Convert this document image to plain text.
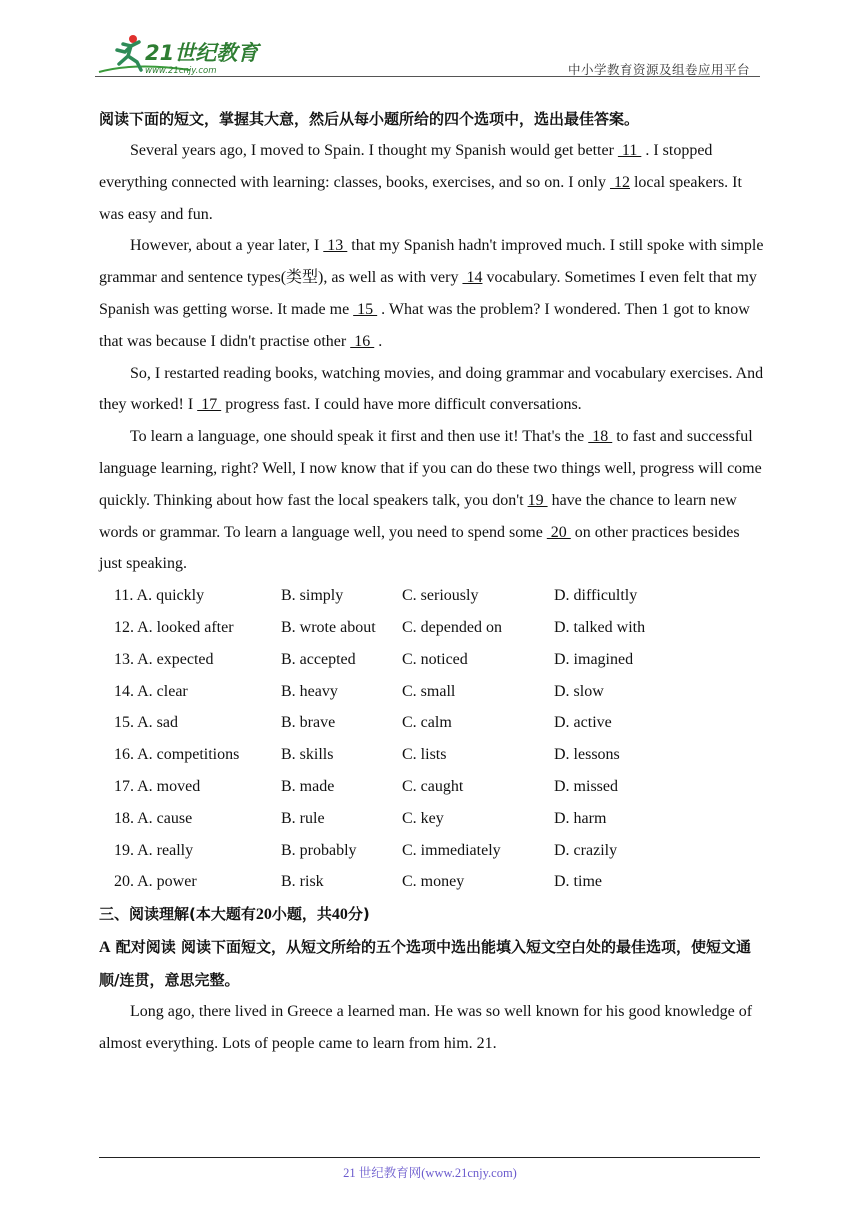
21世纪教育
www.21cnjy.com	中小学教育资源及组卷应用平台

阅读下面的短文，掌握其大意，然后从每小题所给的四个选项中，选出最佳答案。

Several years ago, I moved to Spain. I thought my Spanish would get better  11  . I stopped everything connected with learning: classes, books, exercises, and so on. I only  12 local speakers. It was easy and fun.

However, about a year later, I  13  that my Spanish hadn't improved much. I still spoke with simple grammar and sentence types(类型), as well as with very  14 vocabulary. Sometimes I even felt that my Spanish was getting worse. It made me  15  . What was the problem? I wondered. Then 1 got to know that was because I didn't practise other  16  .

So, I restarted reading books, watching movies, and doing grammar and vocabulary exercises. And they worked! I  17  progress fast. I could have more difficult conversations.

To learn a language, one should speak it first and then use it! That's the  18  to fast and successful language learning, right? Well, I now know that if you can do these two things well, progress will come quickly. Thinking about how fast the local speakers talk, you don't 19  have the chance to learn new words or grammar. To learn a language well, you need to spend some  20  on other practices besides just speaking.

11. A. quickly	B. simply	C. seriously	D. difficultly
12. A. looked after	B. wrote about	C. depended on	D. talked with
13. A. expected	B. accepted	C. noticed	D. imagined
14. A. clear	B. heavy	C. small	D. slow
15. A. sad	B. brave	C. calm	D. active
16. A. competitions	B. skills	C. lists	D. lessons
17. A. moved	B. made	C. caught	D. missed
18. A. cause	B. rule	C. key	D. harm
19. A. really	B. probably	C. immediately	D. crazily
20. A. power	B. risk	C. money	D. time

三、阅读理解(本大题有20小题，共40分)

A 配对阅读 阅读下面短文，从短文所给的五个选项中选出能填入短文空白处的最佳选项，使短文通顺/连贯，意思完整。

Long ago, there lived in Greece a learned man. He was so well known for his good knowledge of almost everything. Lots of people came to learn from him. 21.

21 世纪教育网(www.21cnjy.com)
